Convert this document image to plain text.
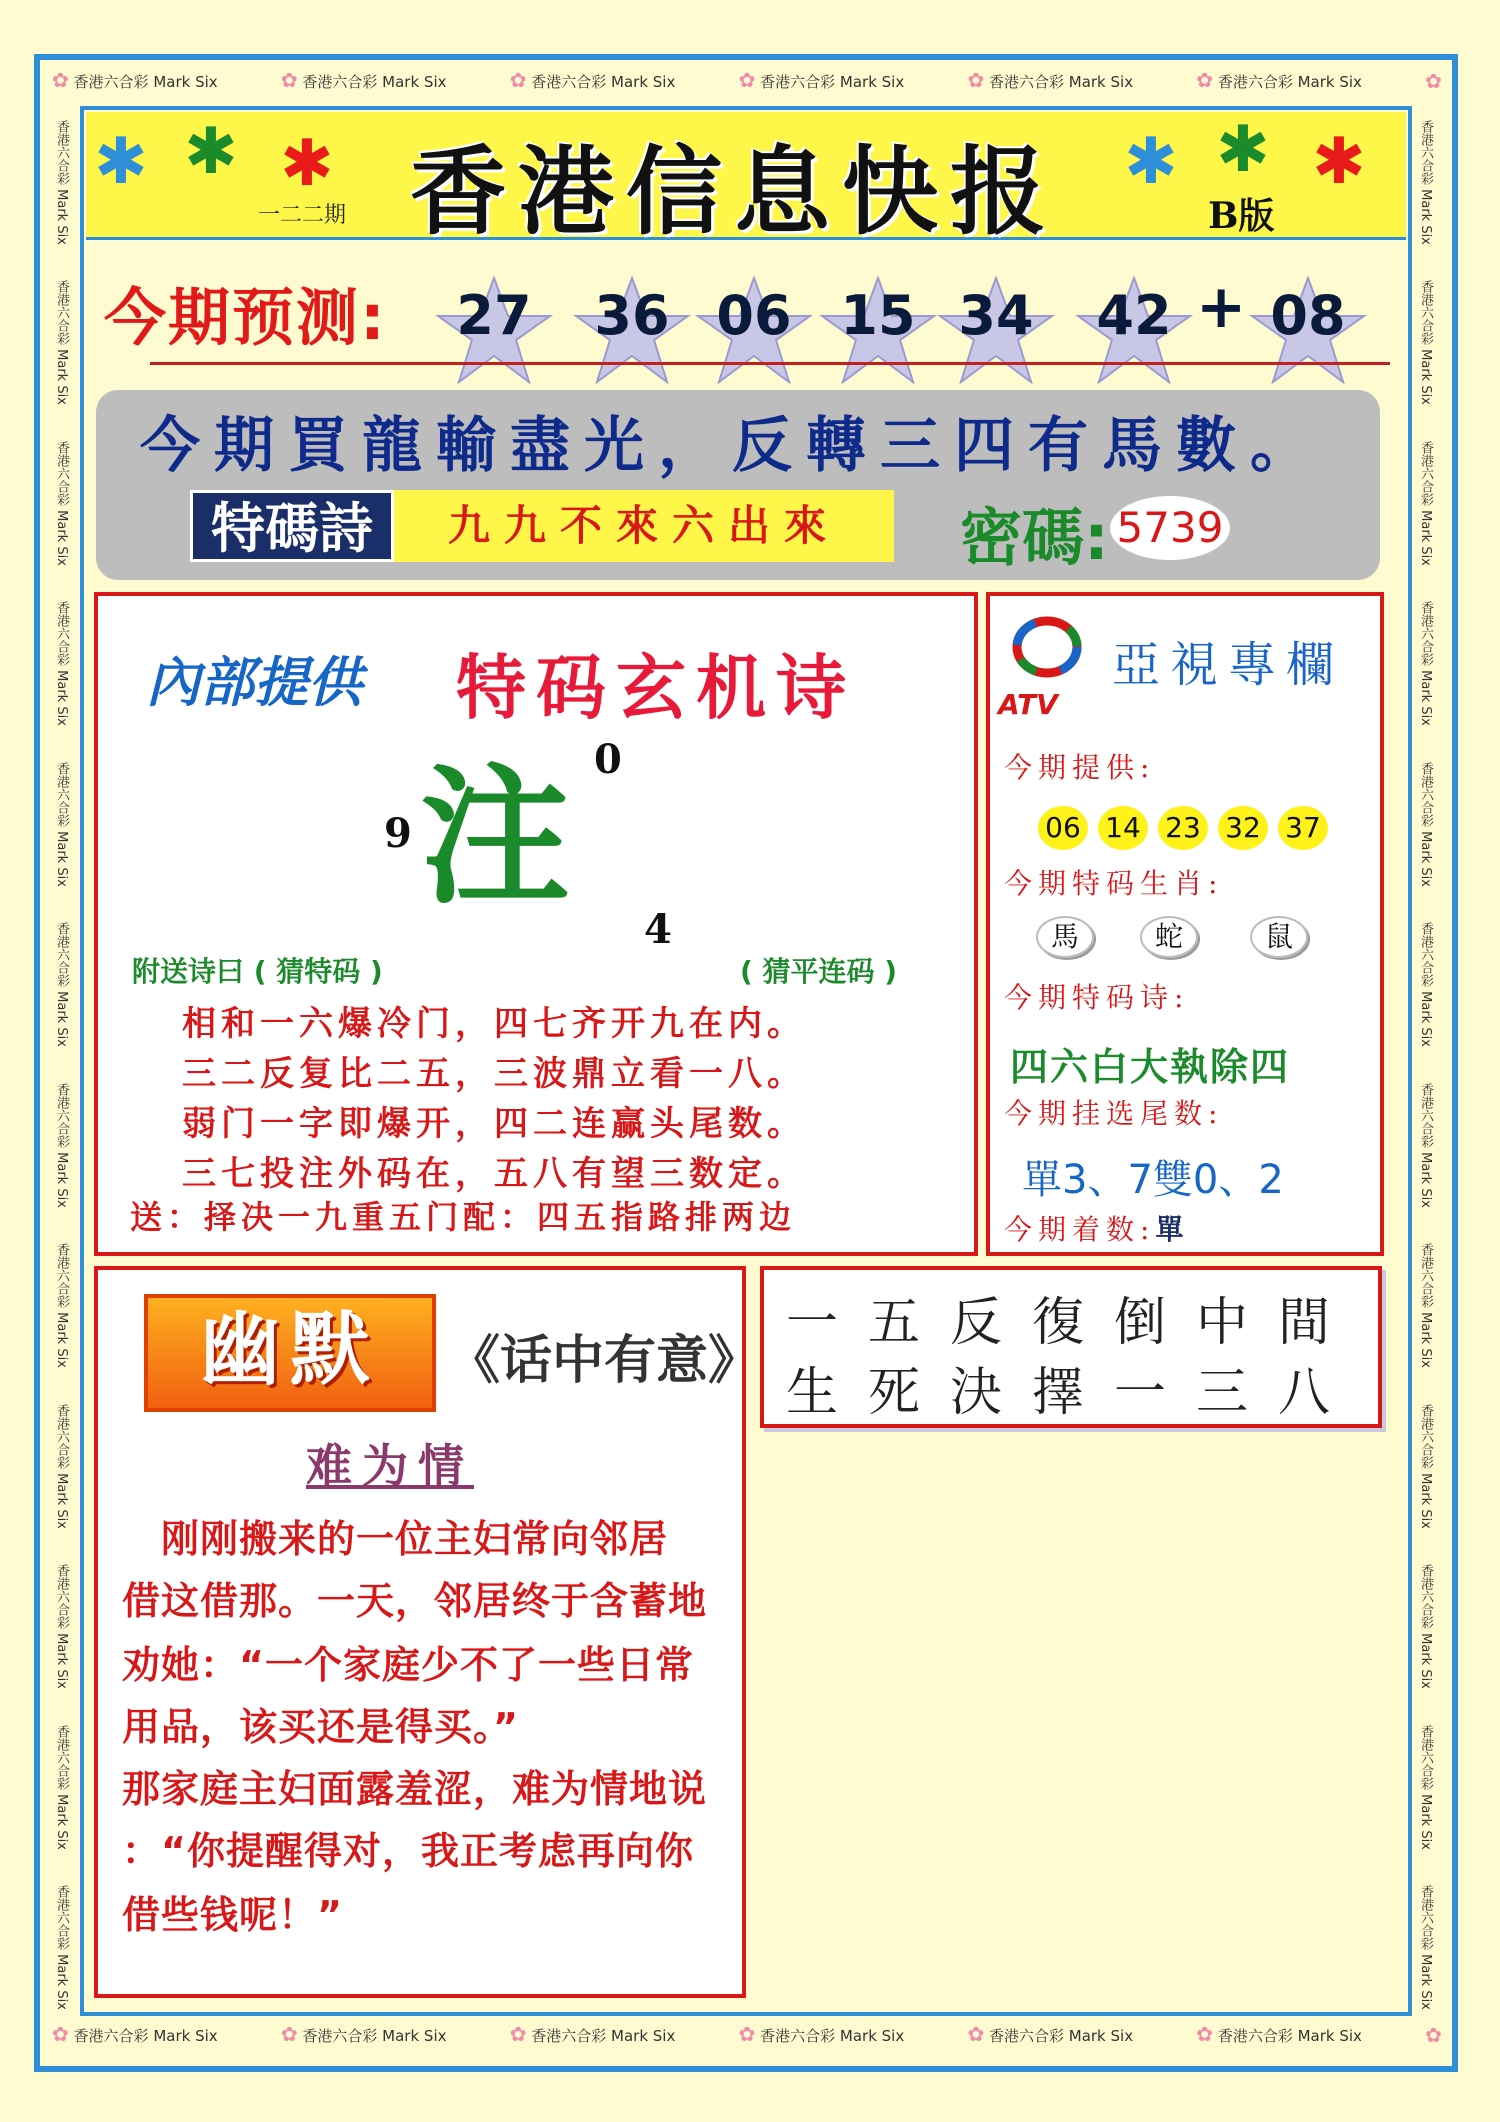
✿ 香港六合彩 Mark Six	✿ 香港六合彩 Mark Six	✿ 香港六合彩 Mark Six	✿ 香港六合彩 Mark Six	✿ 香港六合彩 Mark Six	✿ 香港六合彩 Mark Six	✿
✿ 香港六合彩 Mark Six	✿ 香港六合彩 Mark Six	✿ 香港六合彩 Mark Six	✿ 香港六合彩 Mark Six	✿ 香港六合彩 Mark Six	✿ 香港六合彩 Mark Six	✿
香港六合彩 Mark Six
香港六合彩 Mark Six
香港六合彩 Mark Six
香港六合彩 Mark Six
香港六合彩 Mark Six
香港六合彩 Mark Six
香港六合彩 Mark Six
香港六合彩 Mark Six
香港六合彩 Mark Six
香港六合彩 Mark Six
香港六合彩 Mark Six
香港六合彩 Mark Six
香港六合彩 Mark Six
香港六合彩 Mark Six
香港六合彩 Mark Six
香港六合彩 Mark Six
香港六合彩 Mark Six
香港六合彩 Mark Six
香港六合彩 Mark Six
香港六合彩 Mark Six
香港六合彩 Mark Six
香港六合彩 Mark Six
香港六合彩 Mark Six
香港六合彩 Mark Six
✱ ✱ ✱	✱ ✱ ✱
香港信息快报
一二二期	B版
今期预测:	27	36 06 15 34	42 + 08
今期買龍輸盡光，反轉三四有馬數。
特碼詩	九九不來六出來	密碼: 5739
內部提供 特码玄机诗
注 0
9
4
附送诗曰 ( 猜特码 )	( 猜平连码 )
相和一六爆冷门，四七齐开九在内。
三二反复比二五，三波鼎立看一八。
弱门一字即爆开，四二连赢头尾数。
三七投注外码在，五八有望三数定。
送：择决一九重五门配：四五指路排两边
ATV
亞視專欄
今期提供:
06 14 23 32 37
今期特码生肖:
馬	蛇	鼠
今期特码诗:
四六白大執除四
今期挂选尾数:
單3、7雙0、2
今期着数:單
幽默	《话中有意》
难为情
　刚刚搬来的一位主妇常向邻居
借这借那。一天，邻居终于含蓄地
劝她：“一个家庭少不了一些日常
用品，该买还是得买。”
那家庭主妇面露羞涩，难为情地说
：“你提醒得对，我正考虑再向你
借些钱呢！”
一五反復倒中間
生死決擇一三八
